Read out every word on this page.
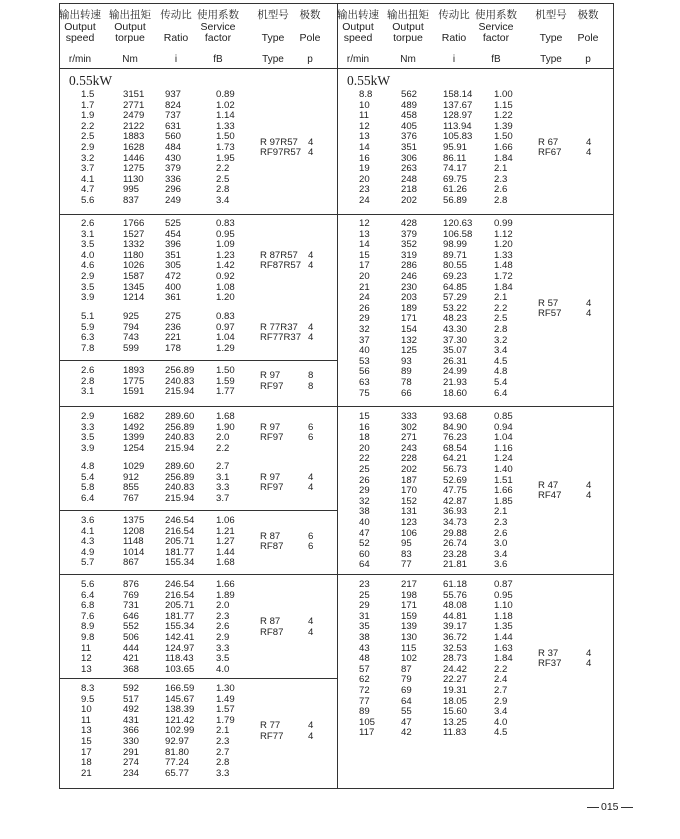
输出转速
Output
speed
r/min
输出扭矩
Output
torpue
Nm
传动比
Ratio
i
使用系数
Service
factor
fB
机型号
Type
Type
极数
Pole
p
0.55kW
1.5
1.7
1.9
2.2
2.5
2.9
3.2
3.7
4.1
4.7
5.6
3151
2771
2479
2122
1883
1628
1446
1275
1130
995
837
937
824
737
631
560
484
430
379
336
296
249
0.89
1.02
1.14
1.33
1.50
1.73
1.95
2.2
2.5
2.8
3.4
R 97R57
RF97R57
4
4
2.6
3.1
3.5
4.0
4.6
2.9
3.5
3.9
1766
1527
1332
1180
1026
1587
1345
1214
525
454
396
351
305
472
400
361
0.83
0.95
1.09
1.23
1.42
0.92
1.08
1.20
R 87R57
RF87R57
4
4
5.1
5.9
6.3
7.8
925
794
743
599
275
236
221
178
0.83
0.97
1.04
1.29
R 77R37
RF77R37
4
4
2.6
2.8
3.1
1893
1775
1591
256.89
240.83
215.94
1.50
1.59
1.77
R 97
RF97
8
8
2.9
3.3
3.5
3.9
1682
1492
1399
1254
289.60
256.89
240.83
215.94
1.68
1.90
2.0
2.2
R 97
RF97
6
6
4.8
5.4
5.8
6.4
1029
912
855
767
289.60
256.89
240.83
215.94
2.7
3.1
3.3
3.7
R 97
RF97
4
4
3.6
4.1
4.3
4.9
5.7
1375
1208
1148
1014
867
246.54
216.54
205.71
181.77
155.34
1.06
1.21
1.27
1.44
1.68
R 87
RF87
6
6
5.6
6.4
6.8
7.6
8.9
9.8
11
12
13
876
769
731
646
552
506
444
421
368
246.54
216.54
205.71
181.77
155.34
142.41
124.97
118.43
103.65
1.66
1.89
2.0
2.3
2.6
2.9
3.3
3.5
4.0
R 87
RF87
4
4
8.3
9.5
10
11
13
15
17
18
21
592
517
492
431
366
330
291
274
234
166.59
145.67
138.39
121.42
102.99
92.97
81.80
77.24
65.77
1.30
1.49
1.57
1.79
2.1
2.3
2.7
2.8
3.3
R 77
RF77
4
4
输出转速
Output
speed
r/min
输出扭矩
Output
torpue
Nm
传动比
Ratio
i
使用系数
Service
factor
fB
机型号
Type
Type
极数
Pole
p
0.55kW
8.8
10
11
12
13
14
16
19
20
23
24
562
489
458
405
376
351
306
263
248
218
202
158.14
137.67
128.97
113.94
105.83
95.91
86.11
74.17
69.75
61.26
56.89
1.00
1.15
1.22
1.39
1.50
1.66
1.84
2.1
2.3
2.6
2.8
R 67
RF67
4
4
12
13
14
15
17
20
21
24
26
29
32
37
40
53
56
63
75
428
379
352
319
286
246
230
203
189
171
154
132
125
93
89
78
66
120.63
106.58
98.99
89.71
80.55
69.23
64.85
57.29
53.22
48.23
43.30
37.30
35.07
26.31
24.99
21.93
18.60
0.99
1.12
1.20
1.33
1.48
1.72
1.84
2.1
2.2
2.5
2.8
3.2
3.4
4.5
4.8
5.4
6.4
R 57
RF57
4
4
15
16
18
20
22
25
26
29
32
38
40
47
52
60
64
333
302
271
243
228
202
187
170
152
131
123
106
95
83
77
93.68
84.90
76.23
68.54
64.21
56.73
52.69
47.75
42.87
36.93
34.73
29.88
26.74
23.28
21.81
0.85
0.94
1.04
1.16
1.24
1.40
1.51
1.66
1.85
2.1
2.3
2.6
3.0
3.4
3.6
R 47
RF47
4
4
23
25
29
31
35
38
43
48
57
62
72
77
89
105
117
217
198
171
159
139
130
115
102
87
79
69
64
55
47
42
61.18
55.76
48.08
44.81
39.17
36.72
32.53
28.73
24.42
22.27
19.31
18.05
15.60
13.25
11.83
0.87
0.95
1.10
1.18
1.35
1.44
1.63
1.84
2.2
2.4
2.7
2.9
3.4
4.0
4.5
R 37
RF37
4
4
015
